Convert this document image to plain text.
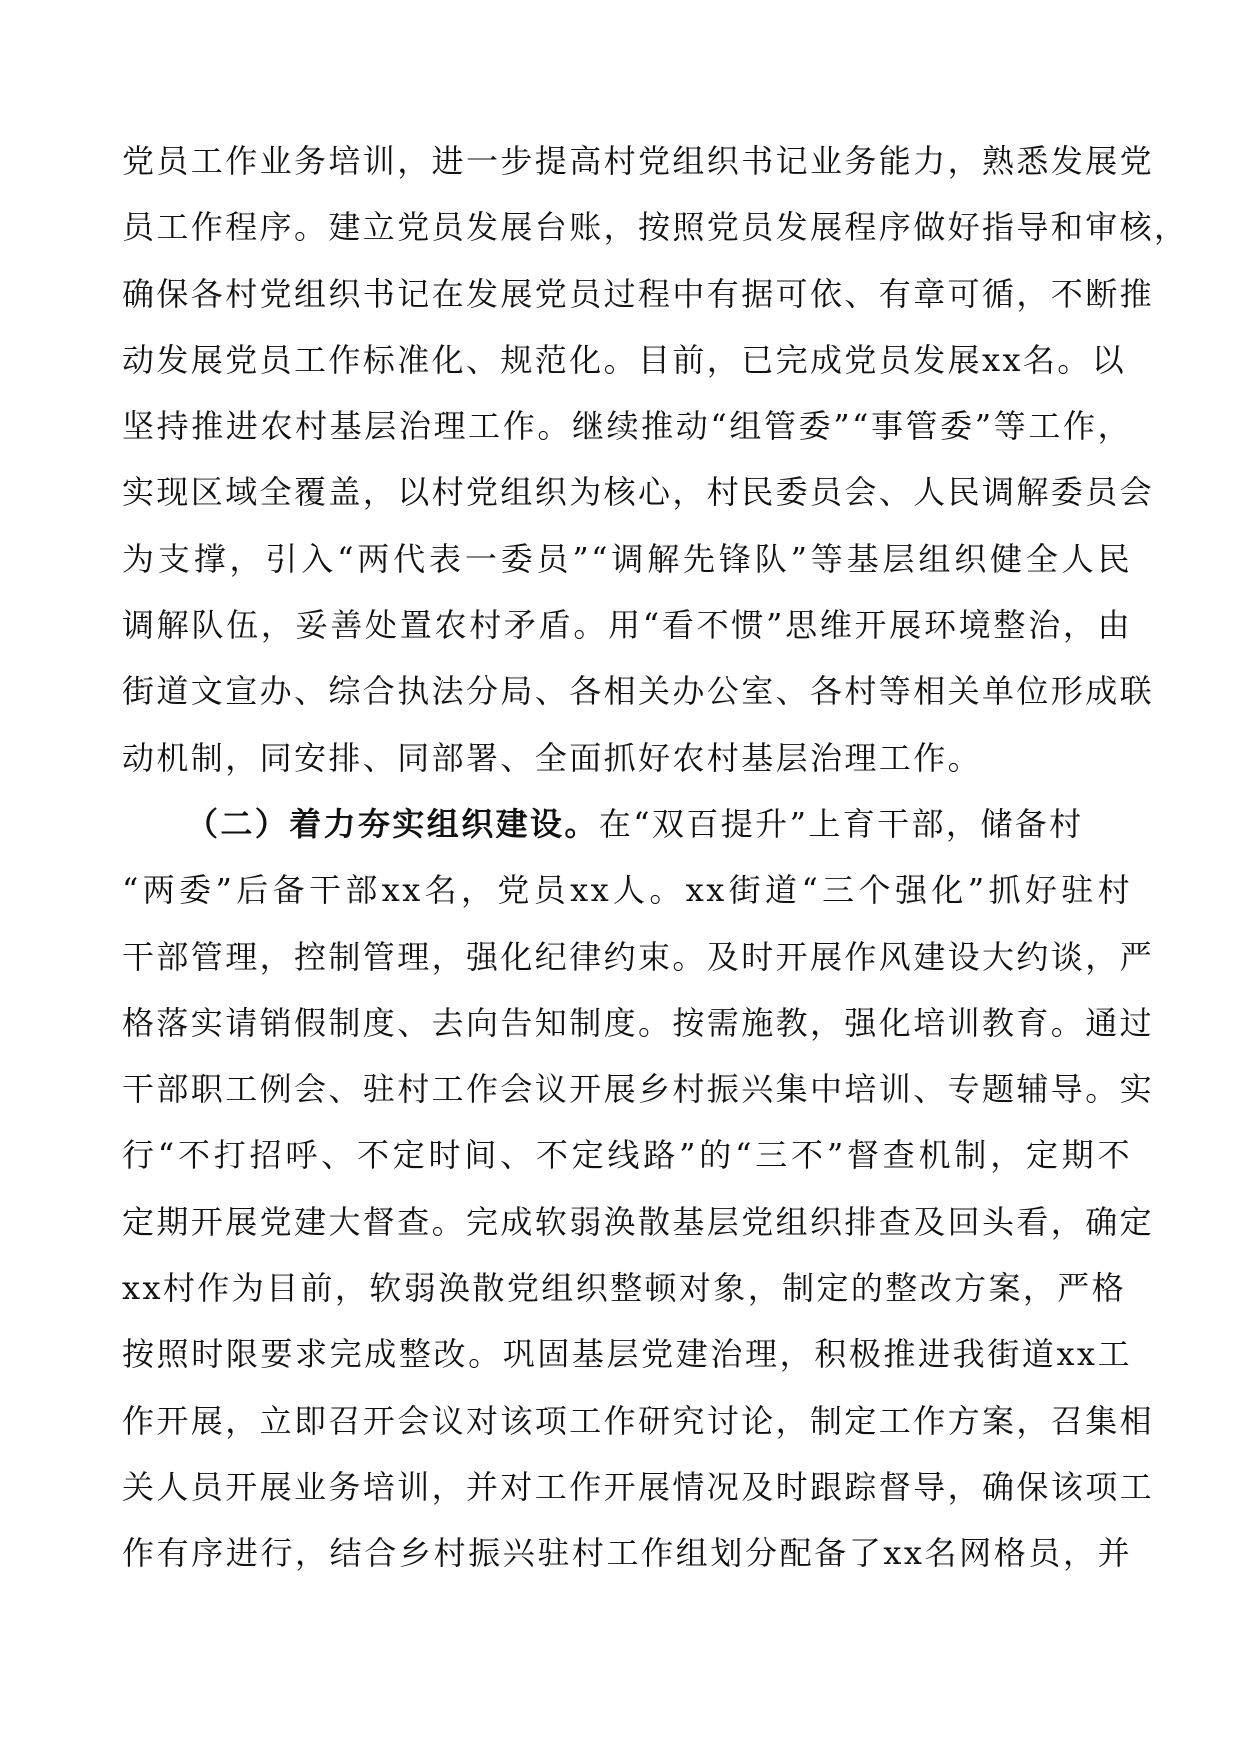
党员工作业务培训，进一步提高村党组织书记业务能力，熟悉发展党
员工作程序。建立党员发展台账，按照党员发展程序做好指导和审核，
确保各村党组织书记在发展党员过程中有据可依、有章可循，不断推
动发展党员工作标准化、规范化。目前，已完成党员发展xx名。以
坚持推进农村基层治理工作。继续推动“组管委”“事管委”等工作，
实现区域全覆盖，以村党组织为核心，村民委员会、人民调解委员会
为支撑，引入“两代表一委员”“调解先锋队”等基层组织健全人民
调解队伍，妥善处置农村矛盾。用“看不惯”思维开展环境整治，由
街道文宣办、综合执法分局、各相关办公室、各村等相关单位形成联
动机制，同安排、同部署、全面抓好农村基层治理工作。
（二）着力夯实组织建设。在“双百提升”上育干部，储备村
“两委”后备干部xx名，党员xx人。xx街道“三个强化”抓好驻村
干部管理，控制管理，强化纪律约束。及时开展作风建设大约谈，严
格落实请销假制度、去向告知制度。按需施教，强化培训教育。通过
干部职工例会、驻村工作会议开展乡村振兴集中培训、专题辅导。实
行“不打招呼、不定时间、不定线路”的“三不”督查机制，定期不
定期开展党建大督查。完成软弱涣散基层党组织排查及回头看，确定
xx村作为目前，软弱涣散党组织整顿对象，制定的整改方案，严格
按照时限要求完成整改。巩固基层党建治理，积极推进我街道xx工
作开展，立即召开会议对该项工作研究讨论，制定工作方案，召集相
关人员开展业务培训，并对工作开展情况及时跟踪督导，确保该项工
作有序进行，结合乡村振兴驻村工作组划分配备了xx名网格员，并
